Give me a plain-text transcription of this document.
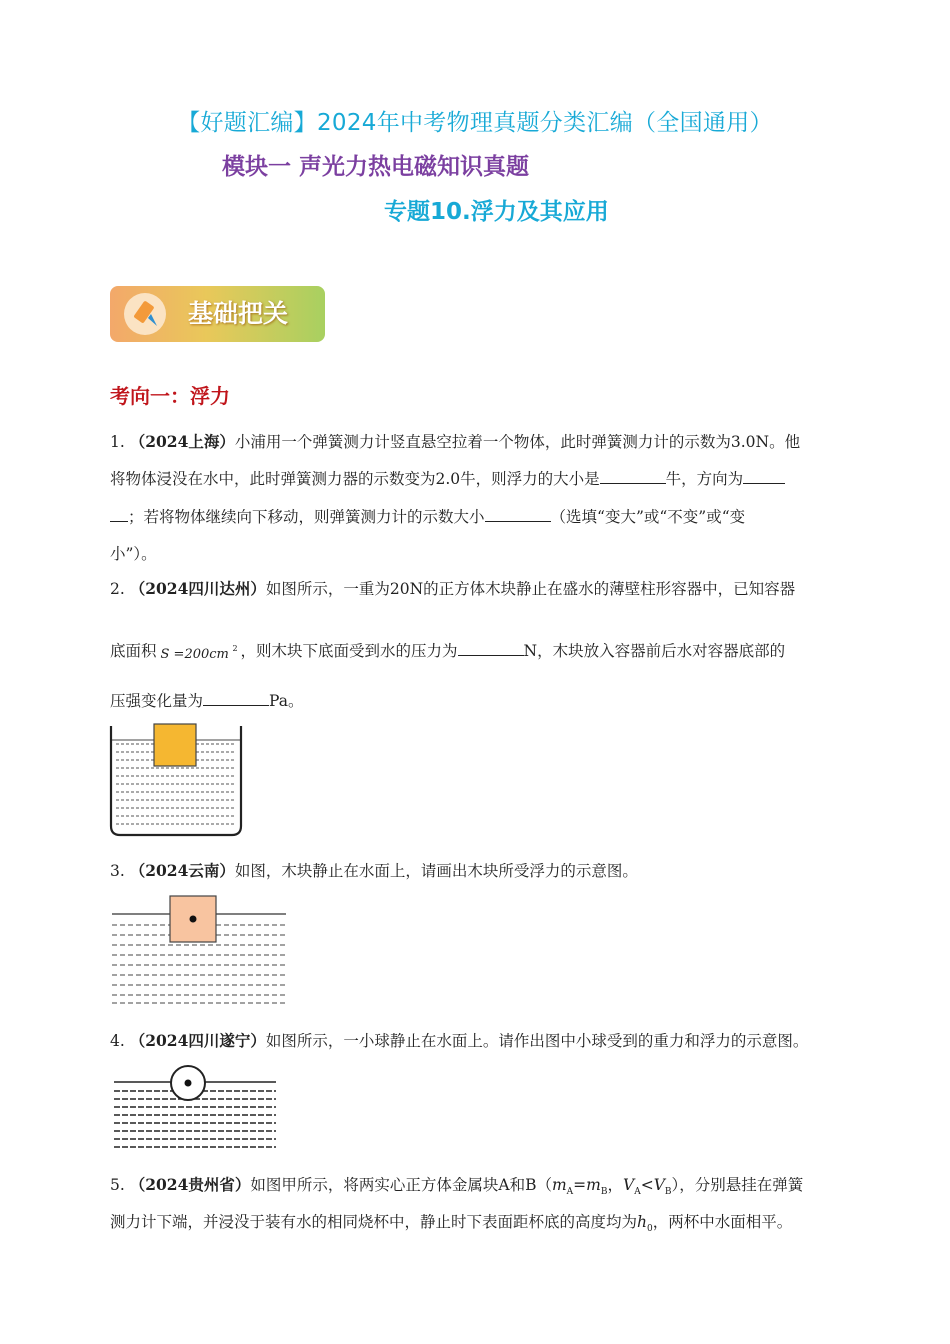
【好题汇编】2024年中考物理真题分类汇编（全国通用）
模块一 声光力热电磁知识真题
专题10.浮力及其应用
基础把关
考向一：浮力
1. （2024上海）小浦用一个弹簧测力计竖直悬空拉着一个物体，此时弹簧测力计的示数为3.0N。他
将物体浸没在水中，此时弹簧测力器的示数变为2.0牛，则浮力的大小是	牛，方向为
；若将物体继续向下移动，则弹簧测力计的示数大小	（选填“变大”或“不变”或“变
小”）。
2. （2024四川达州）如图所示，一重为20N的正方体木块静止在盛水的薄壁柱形容器中，已知容器
底面积 S =200cm 2 ，则木块下底面受到水的压力为	N，木块放入容器前后水对容器底部的
压强变化量为	Pa。
3. （2024云南）如图，木块静止在水面上，请画出木块所受浮力的示意图。
4. （2024四川遂宁）如图所示，一小球静止在水面上。请作出图中小球受到的重力和浮力的示意图。
5. （2024贵州省）如图甲所示，将两实心正方体金属块A和$B(m_A=m_B$，$V_A<V_B$），分别悬挂在弹簧
测力计下端，并浸没于装有水的相同烧杯中，静止时下表面距杯底的高度均为$h_0$，两杯中水面相平。
